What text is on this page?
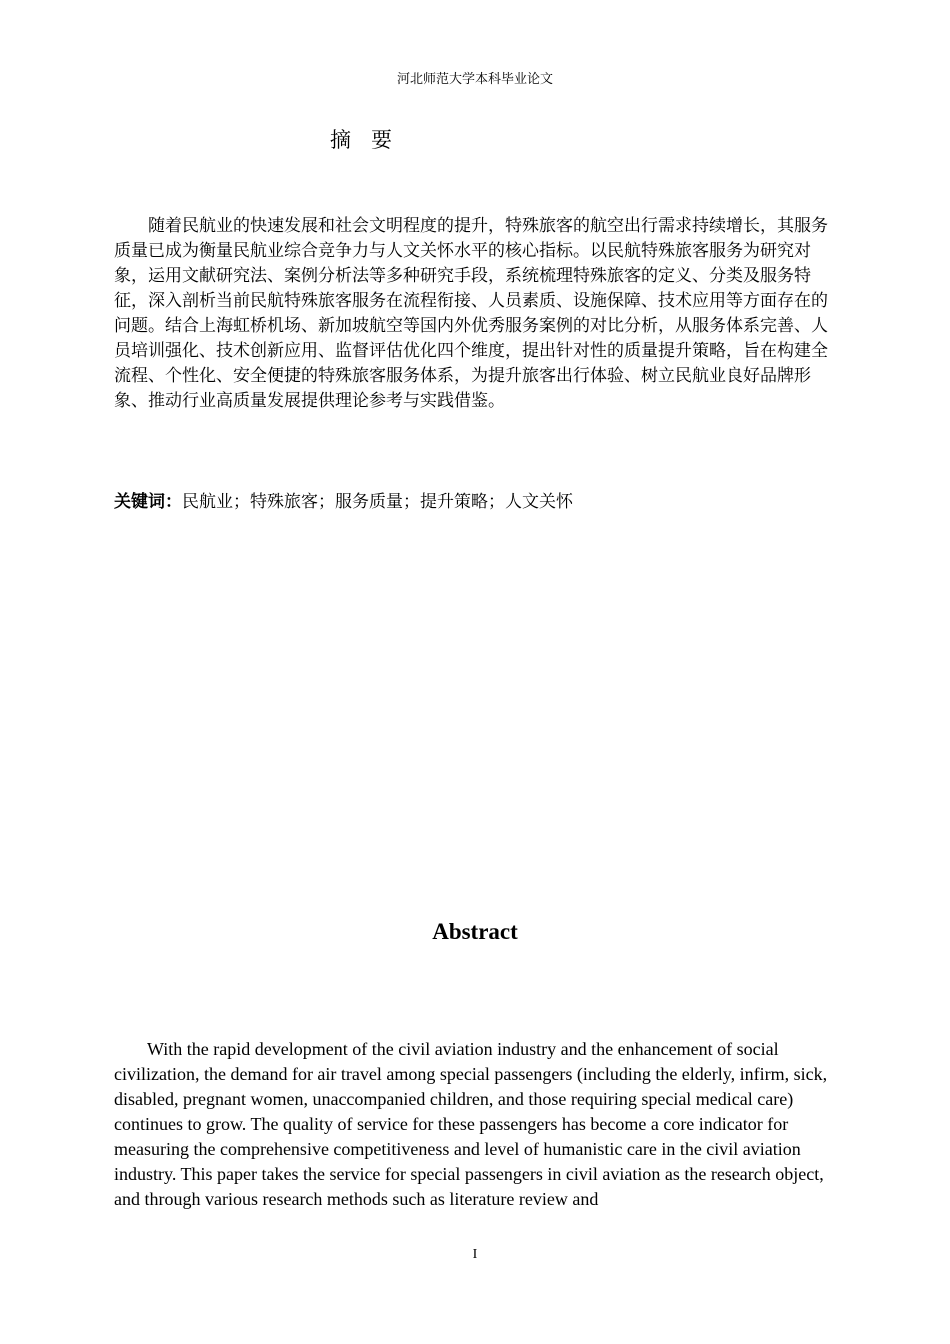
河北师范大学本科毕业论文
摘要

随着民航业的快速发展和社会文明程度的提升，特殊旅客的航空出行需求持续增长，其服务质量已成为衡量民航业综合竞争力与人文关怀水平的核心指标。以民航特殊旅客服务为研究对象，运用文献研究法、案例分析法等多种研究手段，系统梳理特殊旅客的定义、分类及服务特征，深入剖析当前民航特殊旅客服务在流程衔接、人员素质、设施保障、技术应用等方面存在的问题。结合上海虹桥机场、新加坡航空等国内外优秀服务案例的对比分析，从服务体系完善、人员培训强化、技术创新应用、监督评估优化四个维度，提出针对性的质量提升策略，旨在构建全流程、个性化、安全便捷的特殊旅客服务体系，为提升旅客出行体验、树立民航业良好品牌形象、推动行业高质量发展提供理论参考与实践借鉴。

关键词：民航业；特殊旅客；服务质量；提升策略；人文关怀
Abstract

With the rapid development of the civil aviation industry and the enhancement of social civilization, the demand for air travel among special passengers (including the elderly, infirm, sick, disabled, pregnant women, unaccompanied children, and those requiring special medical care) continues to grow. The quality of service for these passengers has become a core indicator for measuring the comprehensive competitiveness and level of humanistic care in the civil aviation industry. This paper takes the service for special passengers in civil aviation as the research object, and through various research methods such as literature review and

I
